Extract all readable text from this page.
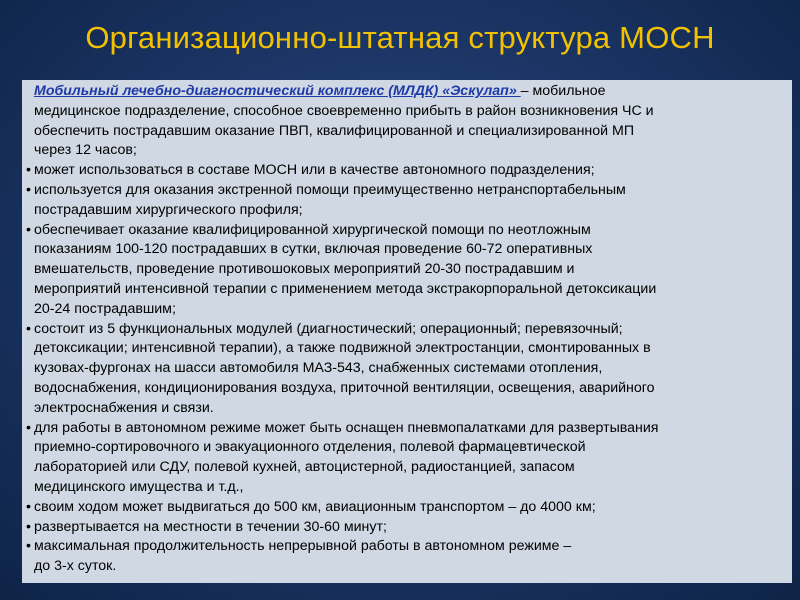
Организационно-штатная структура МОСН
Мобильный лечебно-диагностический комплекс (МЛДК) «Эскулап» – мобильное
медицинское подразделение, способное своевременно прибыть в район возникновения ЧС и
обеспечить пострадавшим оказание ПВП, квалифицированной и специализированной МП
через 12 часов;
• может использоваться в составе МОСН или в качестве автономного подразделения;
• используется для оказания экстренной помощи преимущественно нетранспортабельным
пострадавшим хирургического профиля;
• обеспечивает оказание квалифицированной хирургической помощи по неотложным
показаниям 100-120 пострадавших в сутки, включая проведение 60-72 оперативных
вмешательств, проведение противошоковых мероприятий 20-30 пострадавшим и
мероприятий интенсивной терапии с применением метода экстракорпоральной детоксикации
20-24 пострадавшим;
• состоит из 5 функциональных модулей (диагностический; операционный; перевязочный;
детоксикации; интенсивной терапии), а также подвижной электростанции, смонтированных в
кузовах-фургонах на шасси автомобиля МАЗ-543, снабженных системами отопления,
водоснабжения, кондиционирования воздуха, приточной вентиляции, освещения, аварийного
электроснабжения и связи.
• для работы в автономном режиме может быть оснащен пневмопалатками для развертывания
приемно-сортировочного и эвакуационного отделения, полевой фармацевтической
лабораторией или СДУ, полевой кухней, автоцистерной, радиостанцией, запасом
медицинского имущества и т.д.,
• своим ходом может выдвигаться до 500 км, авиационным транспортом – до 4000 км;
• развертывается на местности в течении 30-60 минут;
• максимальная продолжительность непрерывной работы в автономном режиме –
до 3-х суток.
